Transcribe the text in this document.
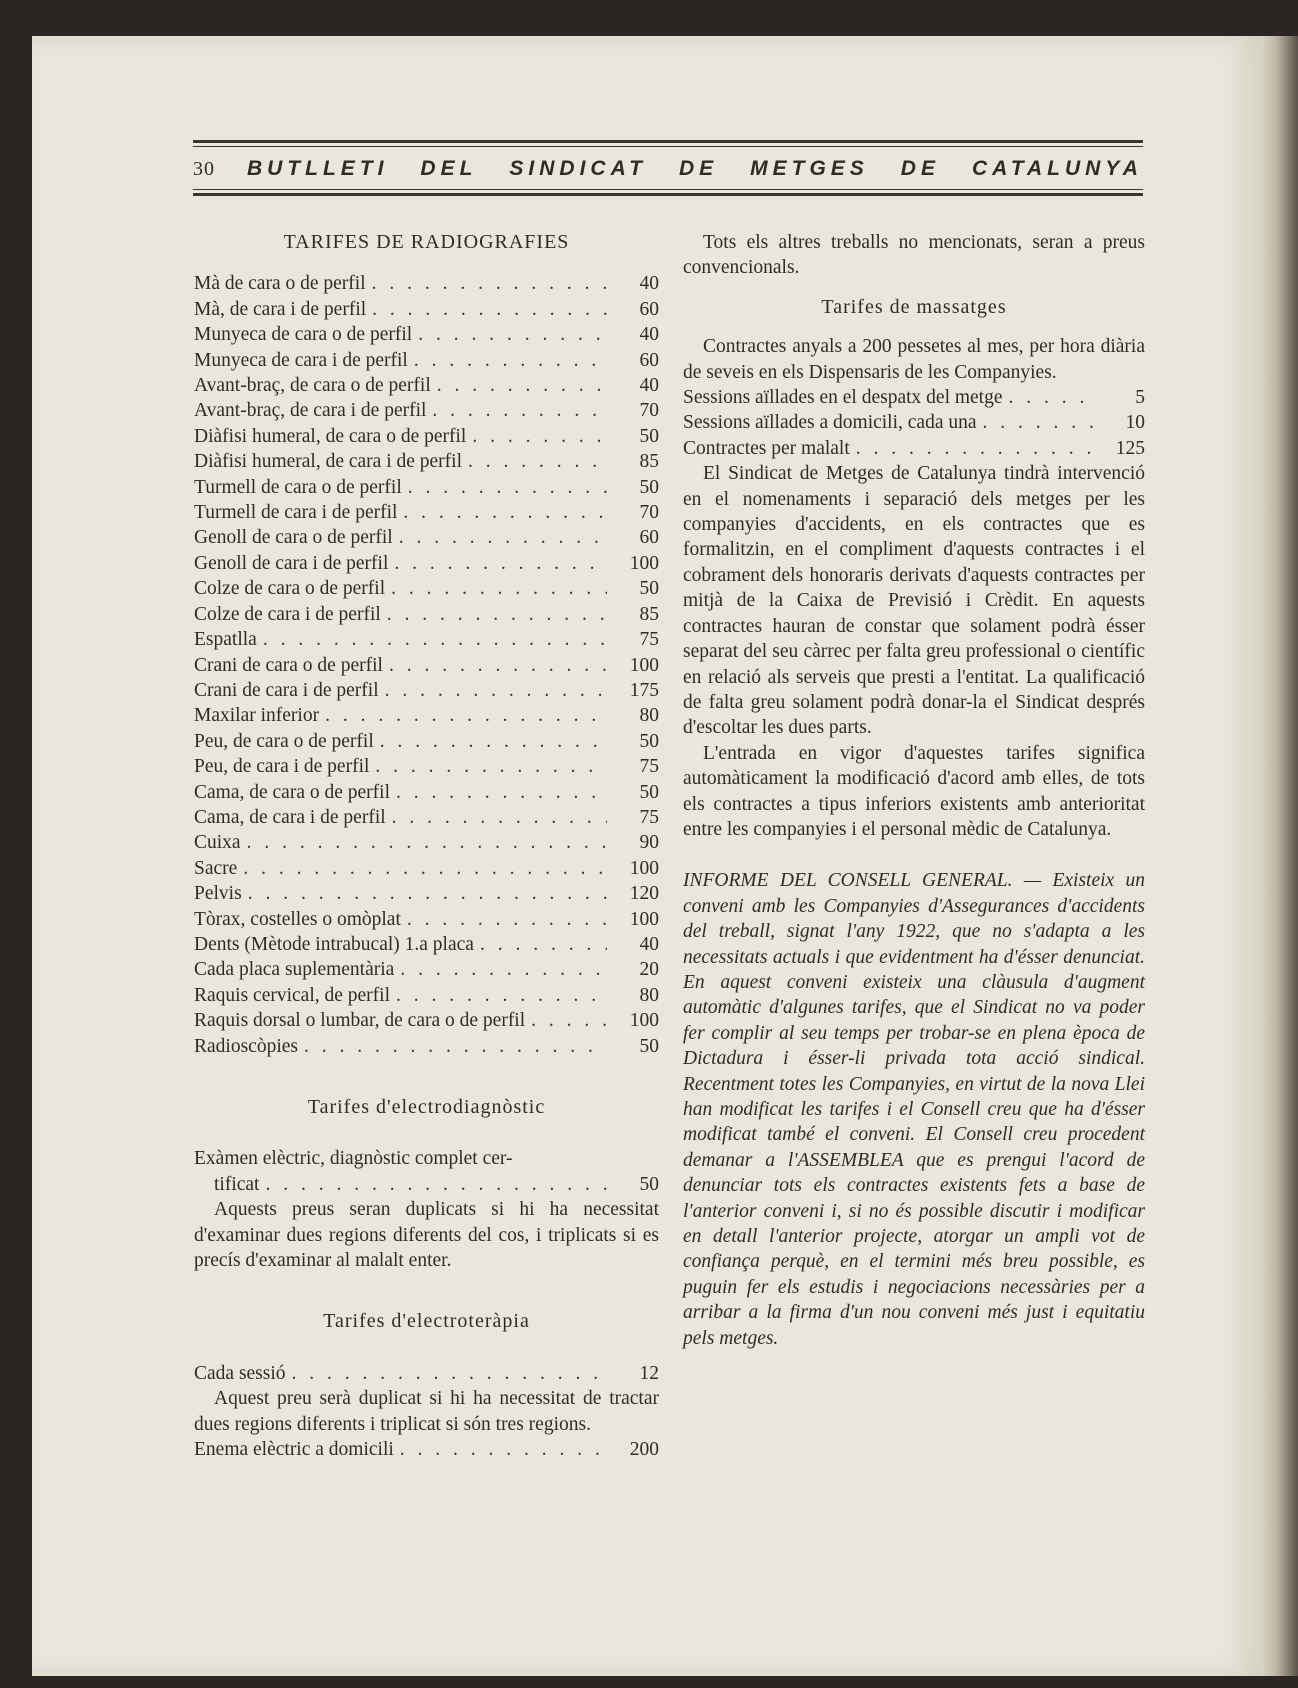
30 BUTLLETI DEL SINDICAT DE METGES DE CATALUNYA

TARIFES DE RADIOGRAFIES

Mà de cara o de perfil . . .	40
Mà, de cara i de perfil . . .	60
Munyeca de cara o de perfil . . .	40
Munyeca de cara i de perfil . . .	60
Avant-braç, de cara o de perfil . . .	40
Avant-braç, de cara i de perfil . . .	70
Diàfisi humeral, de cara o de perfil . . .	50
Diàfisi humeral, de cara i de perfil . . .	85
Turmell de cara o de perfil . . .	50
Turmell de cara i de perfil . . .	70
Genoll de cara o de perfil . . .	60
Genoll de cara i de perfil . . .	100
Colze de cara o de perfil . . .	50
Colze de cara i de perfil . . .	85
Espatlla . . .	75
Crani de cara o de perfil . . .	100
Crani de cara i de perfil . . .	175
Maxilar inferior . . .	80
Peu, de cara o de perfil . . .	50
Peu, de cara i de perfil . . .	75
Cama, de cara o de perfil . . .	50
Cama, de cara i de perfil . . .	75
Cuixa . . .	90
Sacre . . .	100
Pelvis . . .	120
Tòrax, costelles o omòplat . . .	100
Dents (Mètode intrabucal) 1.a placa . . .	40
Cada placa suplementària . . .	20
Raquis cervical, de perfil . . .	80
Raquis dorsal o lumbar, de cara o de perfil . . .	100
Radioscòpies . . .	50

Tarifes d'electrodiagnòstic

Exàmen elèctric, diagnòstic complet cer-
tificat . . .	50

Aquests preus seran duplicats si hi ha necessitat d'examinar dues regions diferents del cos, i triplicats si es precís d'examinar al malalt enter.

Tarifes d'electroteràpia

Cada sessió . . .	12

Aquest preu serà duplicat si hi ha necessitat de tractar dues regions diferents i triplicat si són tres regions.

Enema elèctric a domicili . . .	200

Tots els altres treballs no mencionats, seran a preus convencionals.

Tarifes de massatges

Contractes anyals a 200 pessetes al mes, per hora diària de seveis en els Dispensaris de les Companyies.

Sessions aïllades en el despatx del metge . . .	5
Sessions aïllades a domicili, cada una . . .	10
Contractes per malalt . . .	125

El Sindicat de Metges de Catalunya tindrà intervenció en el nomenaments i separació dels metges per les companyies d'accidents, en els contractes que es formalitzin, en el compliment d'aquests contractes i el cobrament dels honoraris derivats d'aquests contractes per mitjà de la Caixa de Previsió i Crèdit. En aquests contractes hauran de constar que solament podrà ésser separat del seu càrrec per falta greu professional o científic en relació als serveis que presti a l'entitat. La qualificació de falta greu solament podrà donar-la el Sindicat després d'escoltar les dues parts.

L'entrada en vigor d'aquestes tarifes significa automàticament la modificació d'acord amb elles, de tots els contractes a tipus inferiors existents amb anterioritat entre les companyies i el personal mèdic de Catalunya.

INFORME DEL CONSELL GENERAL. — Existeix un conveni amb les Companyies d'Assegurances d'accidents del treball, signat l'any 1922, que no s'adapta a les necessitats actuals i que evidentment ha d'ésser denunciat. En aquest conveni existeix una clàusula d'augment automàtic d'algunes tarifes, que el Sindicat no va poder fer complir al seu temps per trobar-se en plena època de Dictadura i ésser-li privada tota acció sindical. Recentment totes les Companyies, en virtut de la nova Llei han modificat les tarifes i el Consell creu que ha d'ésser modificat també el conveni. El Consell creu procedent demanar a l'ASSEMBLEA que es prengui l'acord de denunciar tots els contractes existents fets a base de l'anterior conveni i, si no és possible discutir i modificar en detall l'anterior projecte, atorgar un ampli vot de confiança perquè, en el termini més breu possible, es puguin fer els estudis i negociacions necessàries per a arribar a la firma d'un nou conveni més just i equitatiu pels metges.
